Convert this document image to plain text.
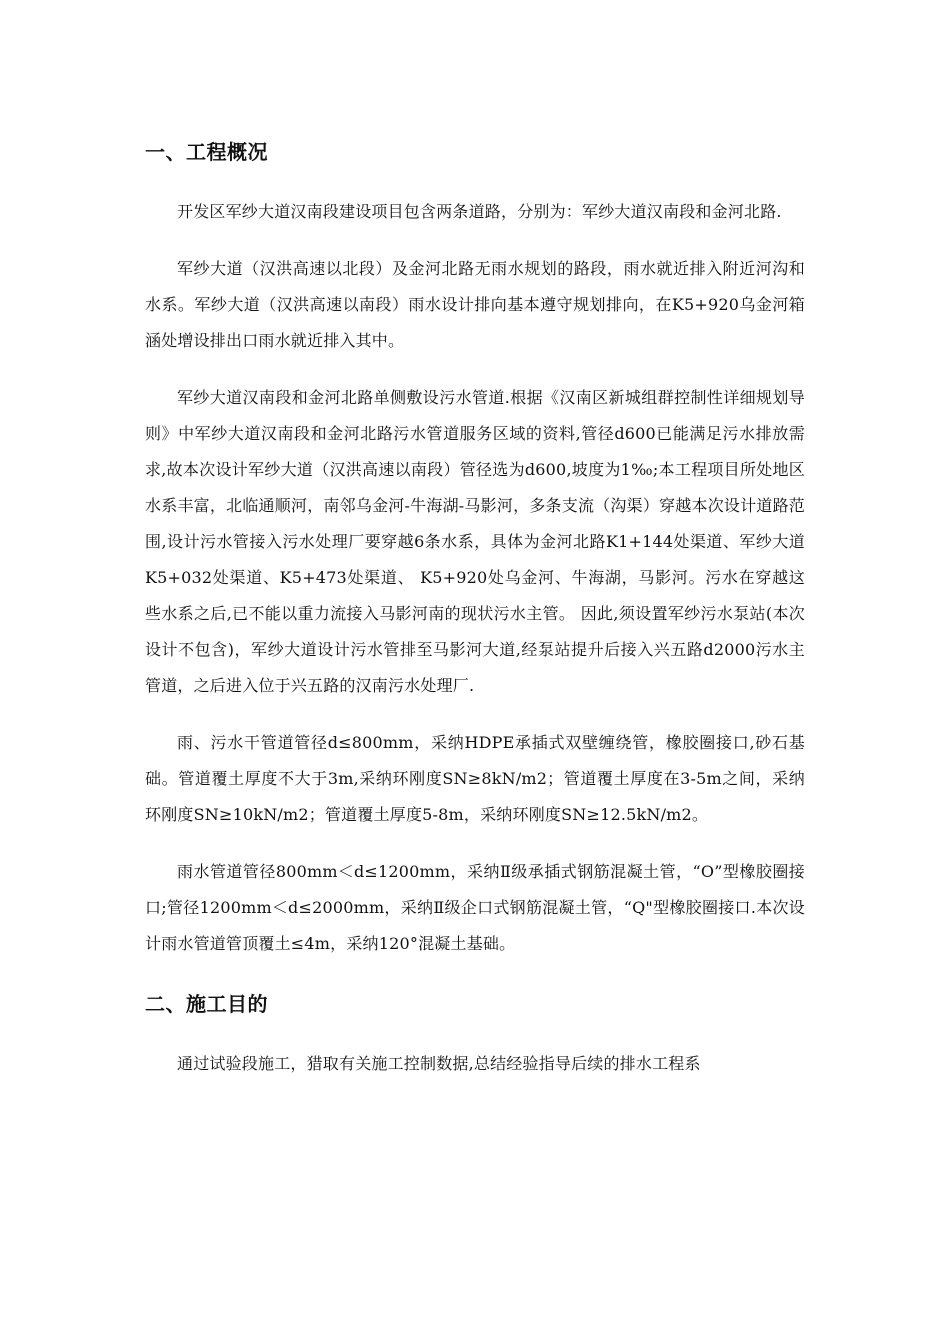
一、工程概况

开发区军纱大道汉南段建设项目包含两条道路，分别为：军纱大道汉南段和金河北路.

军纱大道（汉洪高速以北段）及金河北路无雨水规划的路段，雨水就近排入附近河沟和水系。军纱大道（汉洪高速以南段）雨水设计排向基本遵守规划排向，在K5+920乌金河箱涵处增设排出口雨水就近排入其中。

军纱大道汉南段和金河北路单侧敷设污水管道.根据《汉南区新城组群控制性详细规划导则》中军纱大道汉南段和金河北路污水管道服务区域的资料,管径d600已能满足污水排放需求,故本次设计军纱大道（汉洪高速以南段）管径选为d600,坡度为1‰;本工程项目所处地区水系丰富，北临通顺河，南邻乌金河-牛海湖-马影河，多条支流（沟渠）穿越本次设计道路范围,设计污水管接入污水处理厂要穿越6条水系，具体为金河北路K1+144处渠道、军纱大道K5+032处渠道、K5+473处渠道、 K5+920处乌金河、牛海湖，马影河。污水在穿越这些水系之后,已不能以重力流接入马影河南的现状污水主管。 因此,须设置军纱污水泵站(本次设计不包含)，军纱大道设计污水管排至马影河大道,经泵站提升后接入兴五路d2000污水主管道，之后进入位于兴五路的汉南污水处理厂.

雨、污水干管道管径d≤800mm，采纳HDPE承插式双壁缠绕管，橡胶圈接口,砂石基础。管道覆土厚度不大于3m,采纳环刚度SN≥8kN/m2；管道覆土厚度在3-5m之间，采纳环刚度SN≥10kN/m2；管道覆土厚度5-8m，采纳环刚度SN≥12.5kN/m2。

雨水管道管径800mm＜d≤1200mm，采纳Ⅱ级承插式钢筋混凝土管，“O”型橡胶圈接口;管径1200mm＜d≤2000mm，采纳Ⅱ级企口式钢筋混凝土管，“Q"型橡胶圈接口.本次设计雨水管道管顶覆土≤4m，采纳120°混凝土基础。

二、施工目的

通过试验段施工，猎取有关施工控制数据,总结经验指导后续的排水工程系
